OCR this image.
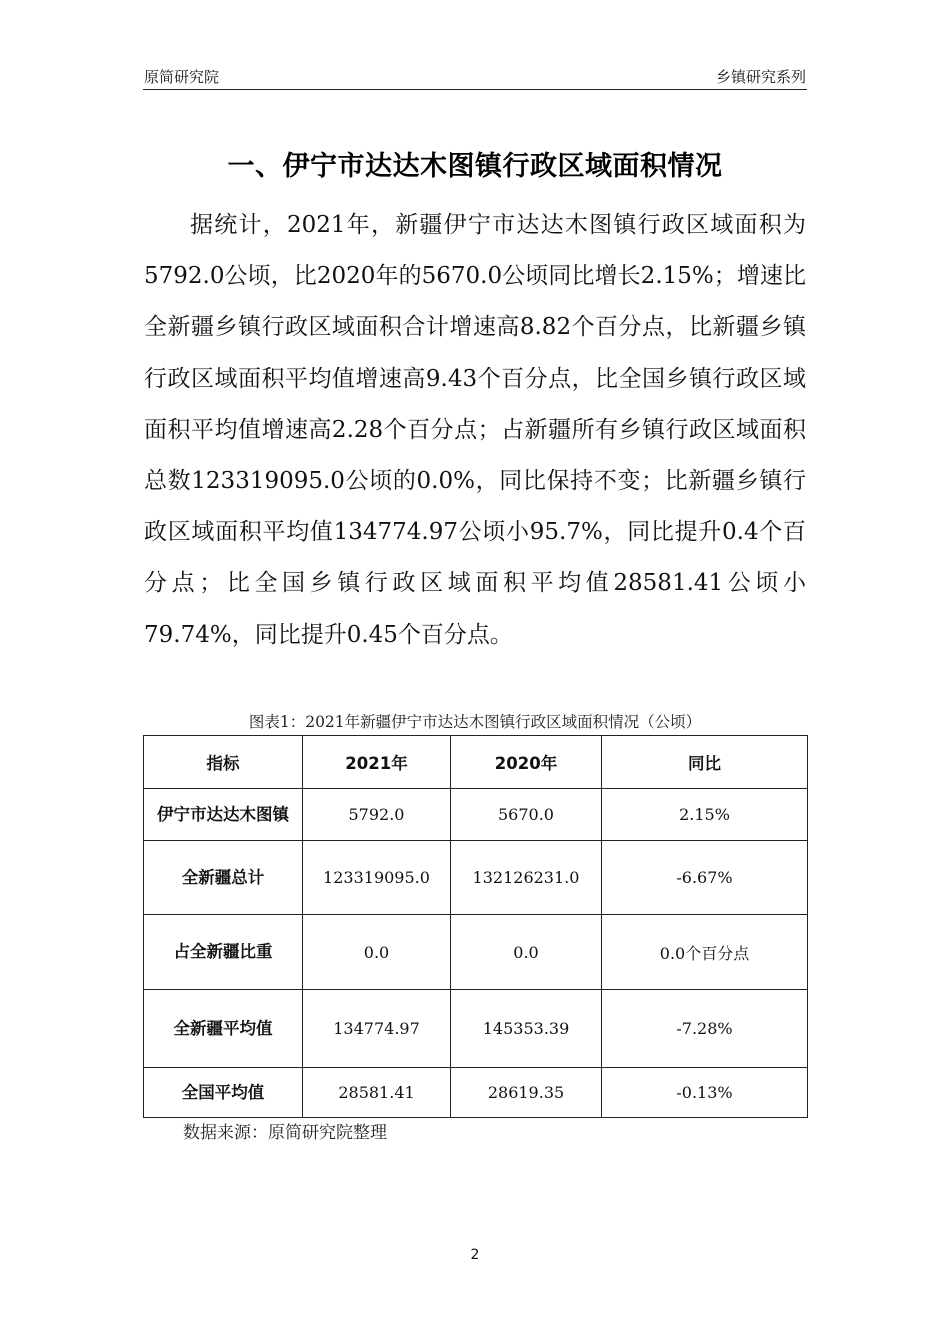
原简研究院	乡镇研究系列
一、伊宁市达达木图镇行政区域面积情况

据统计，2021年，新疆伊宁市达达木图镇行政区域面积为5792.0公顷，比2020年的5670.0公顷同比增长2.15%；增速比全新疆乡镇行政区域面积合计增速高8.82个百分点，比新疆乡镇行政区域面积平均值增速高9.43个百分点，比全国乡镇行政区域面积平均值增速高2.28个百分点；占新疆所有乡镇行政区域面积总数123319095.0公顷的0.0%，同比保持不变；比新疆乡镇行政区域面积平均值134774.97公顷小95.7%，同比提升0.4个百分点；比全国乡镇行政区域面积平均值28581.41公顷小79.74%，同比提升0.45个百分点。

图表1：2021年新疆伊宁市达达木图镇行政区域面积情况（公顷）
指标	2021年	2020年	同比
伊宁市达达木图镇	5792.0	5670.0	2.15%
全新疆总计	123319095.0	132126231.0	-6.67%
占全新疆比重	0.0	0.0	0.0个百分点
全新疆平均值	134774.97	145353.39	-7.28%
全国平均值	28581.41	28619.35	-0.13%
数据来源：原简研究院整理
2
